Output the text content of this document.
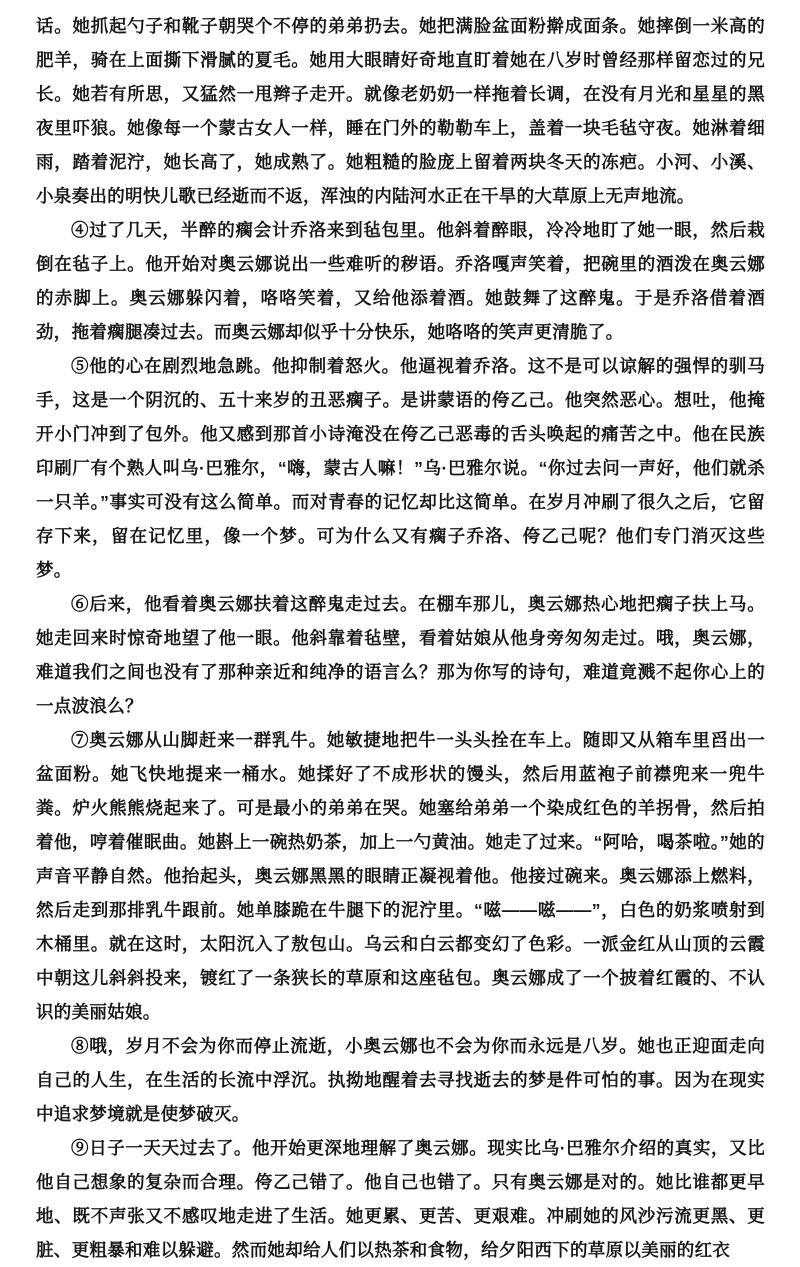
话。她抓起勺子和靴子朝哭个不停的弟弟扔去。她把满脸盆面粉擀成面条。她摔倒一米高的肥羊，骑在上面撕下滑腻的夏毛。她用大眼睛好奇地直盯着她在八岁时曾经那样留恋过的兄长。她若有所思，又猛然一甩辫子走开。就像老奶奶一样拖着长调，在没有月光和星星的黑夜里吓狼。她像每一个蒙古女人一样，睡在门外的勒勒车上，盖着一块毛毡守夜。她淋着细雨，踏着泥泞，她长高了，她成熟了。她粗糙的脸庞上留着两块冬天的冻疤。小河、小溪、小泉奏出的明快儿歌已经逝而不返，浑浊的内陆河水正在干旱的大草原上无声地流。

④过了几天，半醉的瘸会计乔洛来到毡包里。他斜着醉眼，冷冷地盯了她一眼，然后栽倒在毡子上。他开始对奥云娜说出一些难听的秽语。乔洛嘎声笑着，把碗里的酒泼在奥云娜的赤脚上。奥云娜躲闪着，咯咯笑着，又给他添着酒。她鼓舞了这醉鬼。于是乔洛借着酒劲，拖着瘸腿凑过去。而奥云娜却似乎十分快乐，她咯咯的笑声更清脆了。

⑤他的心在剧烈地急跳。他抑制着怒火。他逼视着乔洛。这不是可以谅解的强悍的驯马手，这是一个阴沉的、五十来岁的丑恶瘸子。是讲蒙语的侉乙己。他突然恶心。想吐，他掩开小门冲到了包外。他又感到那首小诗淹没在侉乙己恶毒的舌头唤起的痛苦之中。他在民族印刷厂有个熟人叫乌·巴雅尔，“嗨，蒙古人嘛！”乌·巴雅尔说。“你过去问一声好，他们就杀一只羊。”事实可没有这么简单。而对青春的记忆却比这简单。在岁月冲刷了很久之后，它留存下来，留在记忆里，像一个梦。可为什么又有瘸子乔洛、侉乙己呢？他们专门消灭这些梦。

⑥后来，他看着奥云娜扶着这醉鬼走过去。在棚车那儿，奥云娜热心地把瘸子扶上马。她走回来时惊奇地望了他一眼。他斜靠着毡壁，看着姑娘从他身旁匆匆走过。哦，奥云娜，难道我们之间也没有了那种亲近和纯净的语言么？那为你写的诗句，难道竟溅不起你心上的一点波浪么？

⑦奥云娜从山脚赶来一群乳牛。她敏捷地把牛一头头拴在车上。随即又从箱车里舀出一盆面粉。她飞快地提来一桶水。她揉好了不成形状的馒头，然后用蓝袍子前襟兜来一兜牛粪。炉火熊熊烧起来了。可是最小的弟弟在哭。她塞给弟弟一个染成红色的羊拐骨，然后拍着他，哼着催眠曲。她斟上一碗热奶茶，加上一勺黄油。她走了过来。“阿哈，喝茶啦。”她的声音平静自然。他抬起头，奥云娜黑黑的眼睛正凝视着他。他接过碗来。奥云娜添上燃料，然后走到那排乳牛跟前。她单膝跪在牛腿下的泥泞里。“嗞——嗞——”，白色的奶浆喷射到木桶里。就在这时，太阳沉入了敖包山。乌云和白云都变幻了色彩。一派金红从山顶的云霞中朝这儿斜斜投来，镀红了一条狭长的草原和这座毡包。奥云娜成了一个披着红霞的、不认识的美丽姑娘。

⑧哦，岁月不会为你而停止流逝，小奥云娜也不会为你而永远是八岁。她也正迎面走向自己的人生，在生活的长流中浮沉。执拗地醒着去寻找逝去的梦是件可怕的事。因为在现实中追求梦境就是使梦破灭。

⑨日子一天天过去了。他开始更深地理解了奥云娜。现实比乌·巴雅尔介绍的真实，又比他自己想象的复杂而合理。侉乙己错了。他自己也错了。只有奥云娜是对的。她比谁都更早地、既不声张又不感叹地走进了生活。她更累、更苦、更艰难。冲刷她的风沙污流更黑、更脏、更粗暴和难以躲避。然而她却给人们以热茶和食物，给夕阳西下的草原以美丽的红衣
